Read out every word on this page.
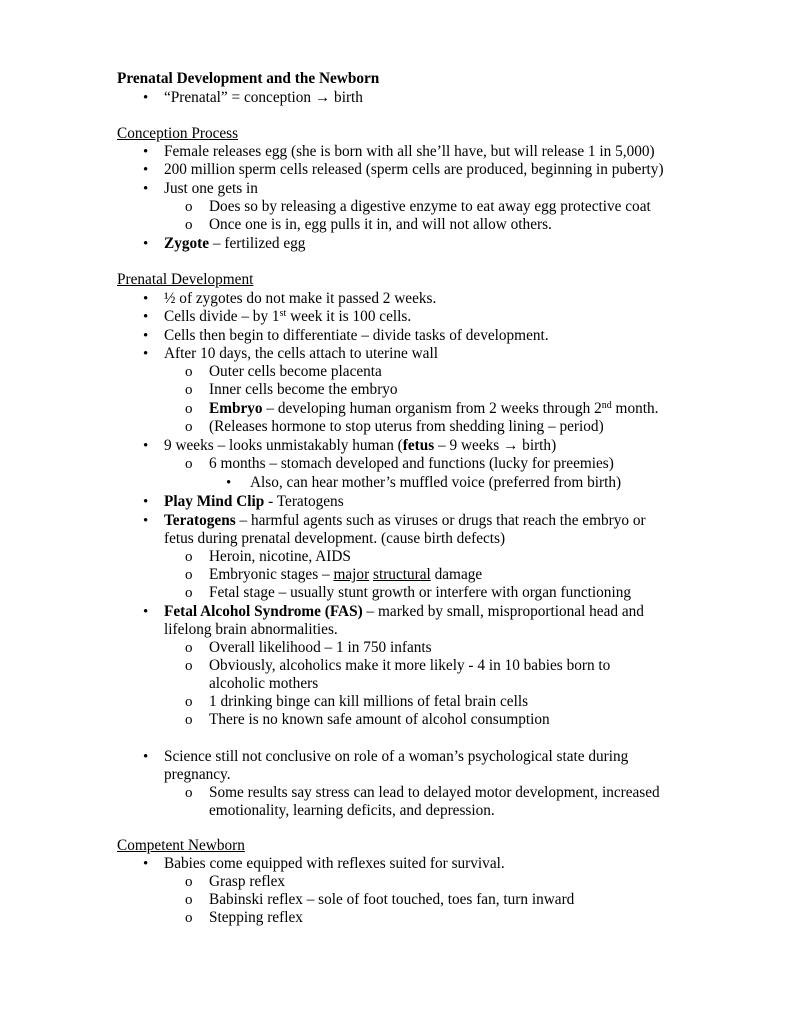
Prenatal Development and the Newborn
• “Prenatal” = conception → birth
Conception Process
• Female releases egg (she is born with all she’ll have, but will release 1 in 5,000)
• 200 million sperm cells released (sperm cells are produced, beginning in puberty)
• Just one gets in
o Does so by releasing a digestive enzyme to eat away egg protective coat
o Once one is in, egg pulls it in, and will not allow others.
• Zygote – fertilized egg
Prenatal Development
• ½ of zygotes do not make it passed 2 weeks.
• Cells divide – by 1st week it is 100 cells.
• Cells then begin to differentiate – divide tasks of development.
• After 10 days, the cells attach to uterine wall
o Outer cells become placenta
o Inner cells become the embryo
o Embryo – developing human organism from 2 weeks through 2nd month.
o (Releases hormone to stop uterus from shedding lining – period)
• 9 weeks – looks unmistakably human (fetus – 9 weeks → birth)
o 6 months – stomach developed and functions (lucky for preemies)
• Also, can hear mother’s muffled voice (preferred from birth)
• Play Mind Clip - Teratogens
• Teratogens – harmful agents such as viruses or drugs that reach the embryo or
fetus during prenatal development. (cause birth defects)
o Heroin, nicotine, AIDS
o Embryonic stages – major structural damage
o Fetal stage – usually stunt growth or interfere with organ functioning
• Fetal Alcohol Syndrome (FAS) – marked by small, misproportional head and
lifelong brain abnormalities.
o Overall likelihood – 1 in 750 infants
o Obviously, alcoholics make it more likely - 4 in 10 babies born to
alcoholic mothers
o 1 drinking binge can kill millions of fetal brain cells
o There is no known safe amount of alcohol consumption
• Science still not conclusive on role of a woman’s psychological state during
pregnancy.
o Some results say stress can lead to delayed motor development, increased
emotionality, learning deficits, and depression.
Competent Newborn
• Babies come equipped with reflexes suited for survival.
o Grasp reflex
o Babinski reflex – sole of foot touched, toes fan, turn inward
o Stepping reflex
